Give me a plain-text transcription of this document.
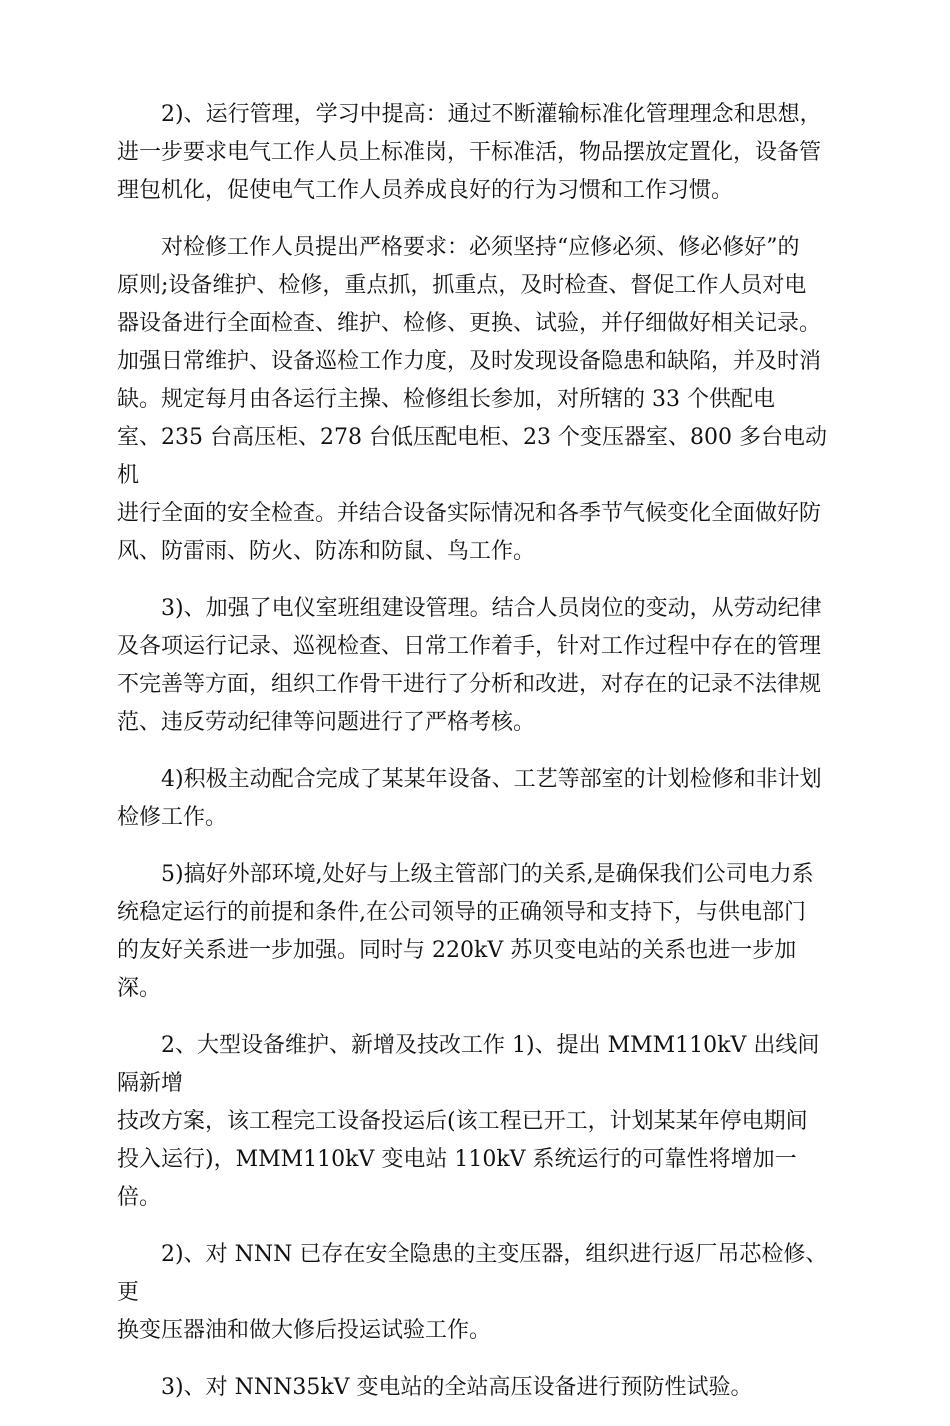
　　2)、运行管理，学习中提高：通过不断灌输标准化管理理念和思想，
进一步要求电气工作人员上标准岗，干标准活，物品摆放定置化，设备管
理包机化，促使电气工作人员养成良好的行为习惯和工作习惯。

　　对检修工作人员提出严格要求：必须坚持“应修必须、修必修好”的
原则;设备维护、检修，重点抓，抓重点，及时检查、督促工作人员对电
器设备进行全面检查、维护、检修、更换、试验，并仔细做好相关记录。
加强日常维护、设备巡检工作力度，及时发现设备隐患和缺陷，并及时消
缺。规定每月由各运行主操、检修组长参加，对所辖的 33 个供配电
室、235 台高压柜、278 台低压配电柜、23 个变压器室、800 多台电动机
进行全面的安全检查。并结合设备实际情况和各季节气候变化全面做好防
风、防雷雨、防火、防冻和防鼠、鸟工作。

　　3)、加强了电仪室班组建设管理。结合人员岗位的变动，从劳动纪律
及各项运行记录、巡视检查、日常工作着手，针对工作过程中存在的管理
不完善等方面，组织工作骨干进行了分析和改进，对存在的记录不法律规
范、违反劳动纪律等问题进行了严格考核。

　　4)积极主动配合完成了某某年设备、工艺等部室的计划检修和非计划
检修工作。

　　5)搞好外部环境,处好与上级主管部门的关系,是确保我们公司电力系
统稳定运行的前提和条件,在公司领导的正确领导和支持下，与供电部门
的友好关系进一步加强。同时与 220kV 苏贝变电站的关系也进一步加深。

　　2、大型设备维护、新增及技改工作 1)、提出 MMM110kV 出线间隔新增
技改方案，该工程完工设备投运后(该工程已开工，计划某某年停电期间
投入运行)，MMM110kV 变电站 110kV 系统运行的可靠性将增加一倍。

　　2)、对 NNN 已存在安全隐患的主变压器，组织进行返厂吊芯检修、更
换变压器油和做大修后投运试验工作。

　　3)、对 NNN35kV 变电站的全站高压设备进行预防性试验。
